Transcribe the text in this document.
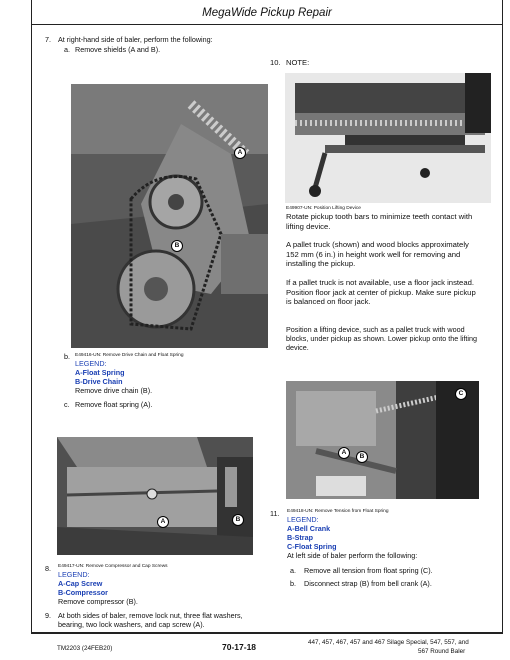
MegaWide Pickup Repair
7. At right-hand side of baler, perform the following:
a. Remove shields (A and B).
A
B
b. E49416-UN: Remove Drive Chain and Float Spring
LEGEND:
A-Float Spring
B-Drive Chain
Remove drive chain (B).
c. Remove float spring (A).
A	B
8. E49417-UN: Remove Compressor and Cap Screws
LEGEND:
A-Cap Screw
B-Compressor
Remove compressor (B).
9. At both sides of baler, remove lock nut, three flat washers,
bearing, two lock washers, and cap screw (A).
10. NOTE:
E49907-UN: Position Lifting Device
Rotate pickup tooth bars to minimize teeth contact with
lifting device.
A pallet truck (shown) and wood blocks approximately
152 mm (6 in.) in height work well for removing and
installing the pickup.
If a pallet truck is not available, use a floor jack instead.
Position floor jack at center of pickup. Make sure pickup
is balanced on floor jack.
Position a lifting device, such as a pallet truck with wood
blocks, under pickup as shown. Lower pickup onto the lifting
device.
C
A
B
11. E49418-UN: Remove Tension from Float Spring
LEGEND:
A-Bell Crank
B-Strap
C-Float Spring
At left side of baler perform the following:
a. Remove all tension from float spring (C).
b. Disconnect strap (B) from bell crank (A).
TM2203 (24FEB20)	70-17-18	447, 457, 467, 457 and 467 Silage Special, 547, 557, and
567 Round Baler
